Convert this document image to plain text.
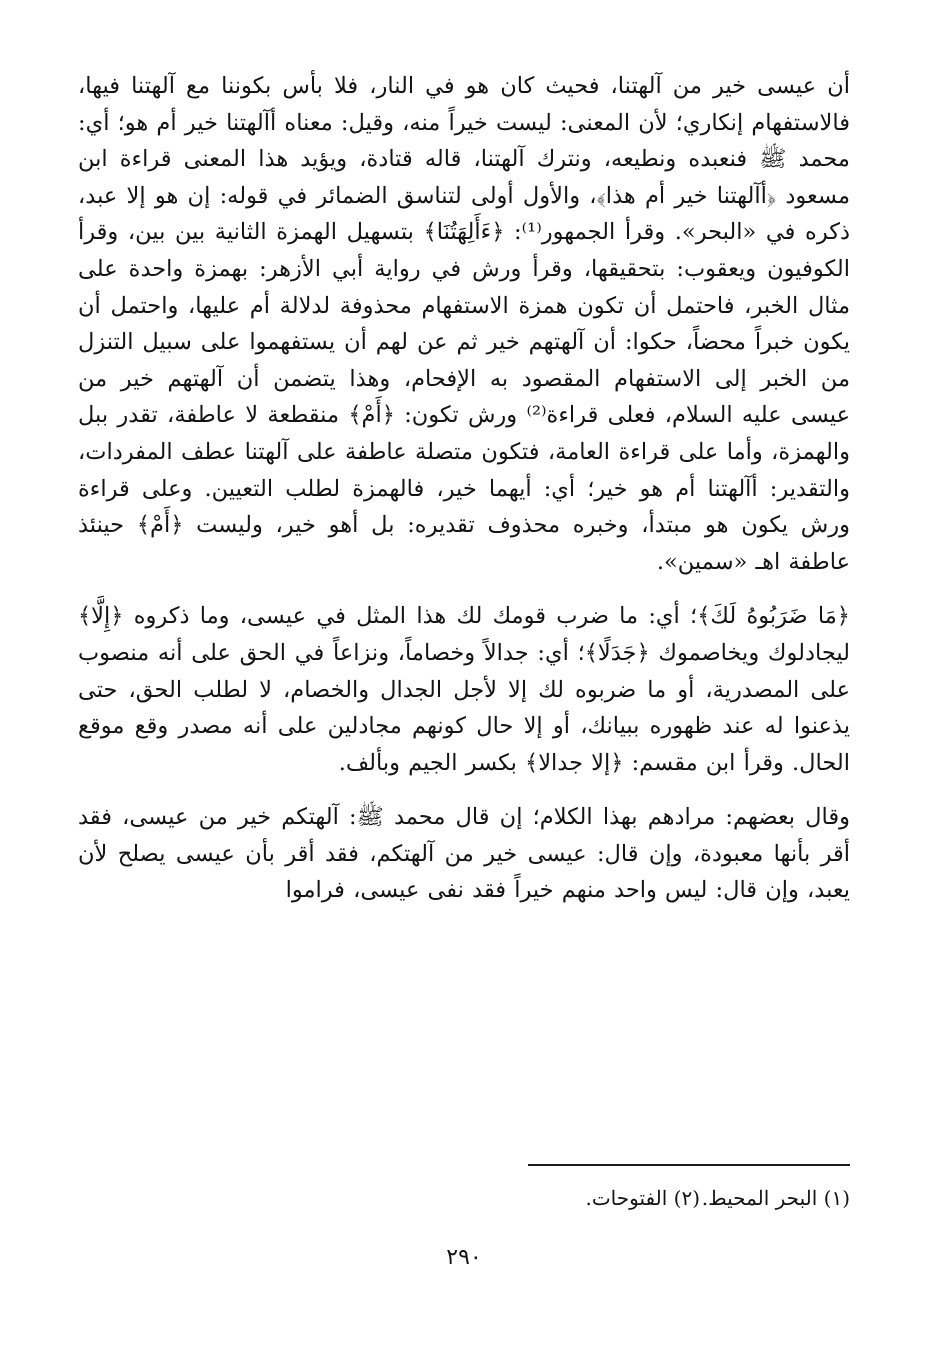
أن عيسى خير من آلهتنا، فحيث كان هو في النار، فلا بأس بكوننا مع آلهتنا فيها، فالاستفهام إنكاري؛ لأن المعنى: ليست خيراً منه، وقيل: معناه أآلهتنا خير أم هو؛ أي: محمد ﷺ فنعبده ونطيعه، ونترك آلهتنا، قاله قتادة، ويؤيد هذا المعنى قراءة ابن مسعود ﴿أآلهتنا خير أم هذا﴾، والأول أولى لتناسق الضمائر في قوله: إن هو إلا عبد، ذكره في «البحر». وقرأ الجمهور⁽¹⁾: ﴿ءَأَلِهَتُنَا﴾ بتسهيل الهمزة الثانية بين بين، وقرأ الكوفيون ويعقوب: بتحقيقها، وقرأ ورش في رواية أبي الأزهر: بهمزة واحدة على مثال الخبر، فاحتمل أن تكون همزة الاستفهام محذوفة لدلالة أم عليها، واحتمل أن يكون خبراً محضاً، حكوا: أن آلهتهم خير ثم عن لهم أن يستفهموا على سبيل التنزل من الخبر إلى الاستفهام المقصود به الإفحام، وهذا يتضمن أن آلهتهم خير من عيسى عليه السلام، فعلى قراءة⁽²⁾ ورش تكون: ﴿أَمْ﴾ منقطعة لا عاطفة، تقدر ببل والهمزة، وأما على قراءة العامة، فتكون متصلة عاطفة على آلهتنا عطف المفردات، والتقدير: أآلهتنا أم هو خير؛ أي: أيهما خير، فالهمزة لطلب التعيين. وعلى قراءة ورش يكون هو مبتدأ، وخبره محذوف تقديره: بل أهو خير، وليست ﴿أَمْ﴾ حينئذ عاطفة اهـ «سمين».

﴿مَا ضَرَبُوهُ لَكَ﴾؛ أي: ما ضرب قومك لك هذا المثل في عيسى، وما ذكروه ﴿إِلَّا﴾ ليجادلوك ويخاصموك ﴿جَدَلًا﴾؛ أي: جدالاً وخصاماً، ونزاعاً في الحق على أنه منصوب على المصدرية، أو ما ضربوه لك إلا لأجل الجدال والخصام، لا لطلب الحق، حتى يذعنوا له عند ظهوره ببيانك، أو إلا حال كونهم مجادلين على أنه مصدر وقع موقع الحال. وقرأ ابن مقسم: ﴿إلا جدالا﴾ بكسر الجيم وبألف.

وقال بعضهم: مرادهم بهذا الكلام؛ إن قال محمد ﷺ: آلهتكم خير من عيسى، فقد أقر بأنها معبودة، وإن قال: عيسى خير من آلهتكم، فقد أقر بأن عيسى يصلح لأن يعبد، وإن قال: ليس واحد منهم خيراً فقد نفى عيسى، فراموا

(١) البحر المحيط.
(٢) الفتوحات.
٢٩٠
